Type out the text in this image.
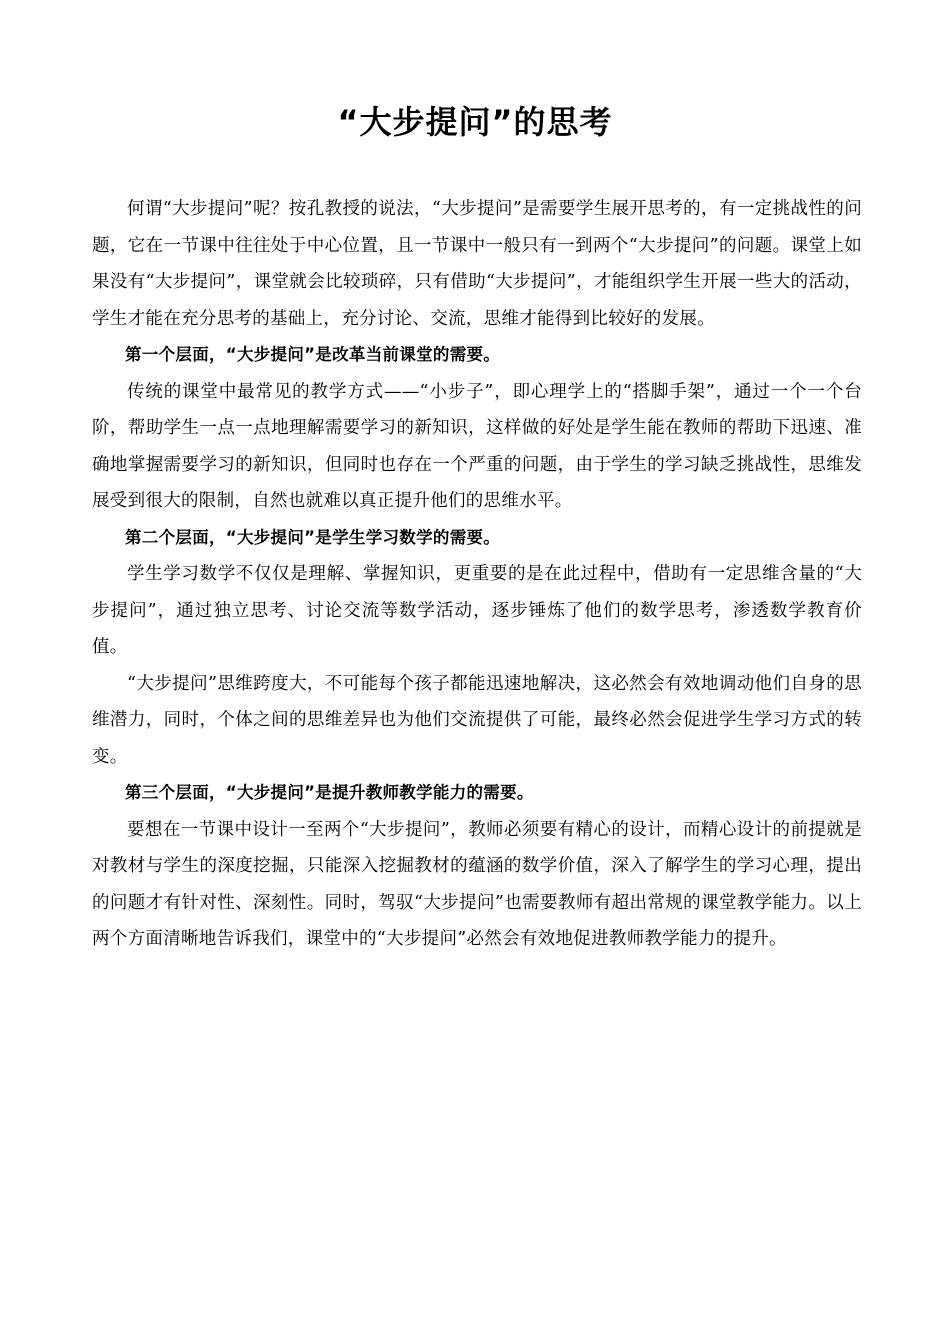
“大步提问”的思考

何谓“大步提问”呢？按孔教授的说法，“大步提问”是需要学生展开思考的，有一定挑战性的问题，它在一节课中往往处于中心位置，且一节课中一般只有一到两个“大步提问”的问题。课堂上如果没有“大步提问”，课堂就会比较琐碎，只有借助“大步提问”，才能组织学生开展一些大的活动，学生才能在充分思考的基础上，充分讨论、交流，思维才能得到比较好的发展。

第一个层面，“大步提问”是改革当前课堂的需要。

传统的课堂中最常见的教学方式——“小步子”，即心理学上的“搭脚手架”，通过一个一个台阶，帮助学生一点一点地理解需要学习的新知识，这样做的好处是学生能在教师的帮助下迅速、准确地掌握需要学习的新知识，但同时也存在一个严重的问题，由于学生的学习缺乏挑战性，思维发展受到很大的限制，自然也就难以真正提升他们的思维水平。

第二个层面，“大步提问”是学生学习数学的需要。

学生学习数学不仅仅是理解、掌握知识，更重要的是在此过程中，借助有一定思维含量的“大步提问”，通过独立思考、讨论交流等数学活动，逐步锤炼了他们的数学思考，渗透数学教育价值。

“大步提问”思维跨度大，不可能每个孩子都能迅速地解决，这必然会有效地调动他们自身的思维潜力，同时，个体之间的思维差异也为他们交流提供了可能，最终必然会促进学生学习方式的转变。

第三个层面，“大步提问”是提升教师教学能力的需要。

要想在一节课中设计一至两个“大步提问”，教师必须要有精心的设计，而精心设计的前提就是对教材与学生的深度挖掘，只能深入挖掘教材的蕴涵的数学价值，深入了解学生的学习心理，提出的问题才有针对性、深刻性。同时，驾驭“大步提问”也需要教师有超出常规的课堂教学能力。以上两个方面清晰地告诉我们，课堂中的“大步提问”必然会有效地促进教师教学能力的提升。
